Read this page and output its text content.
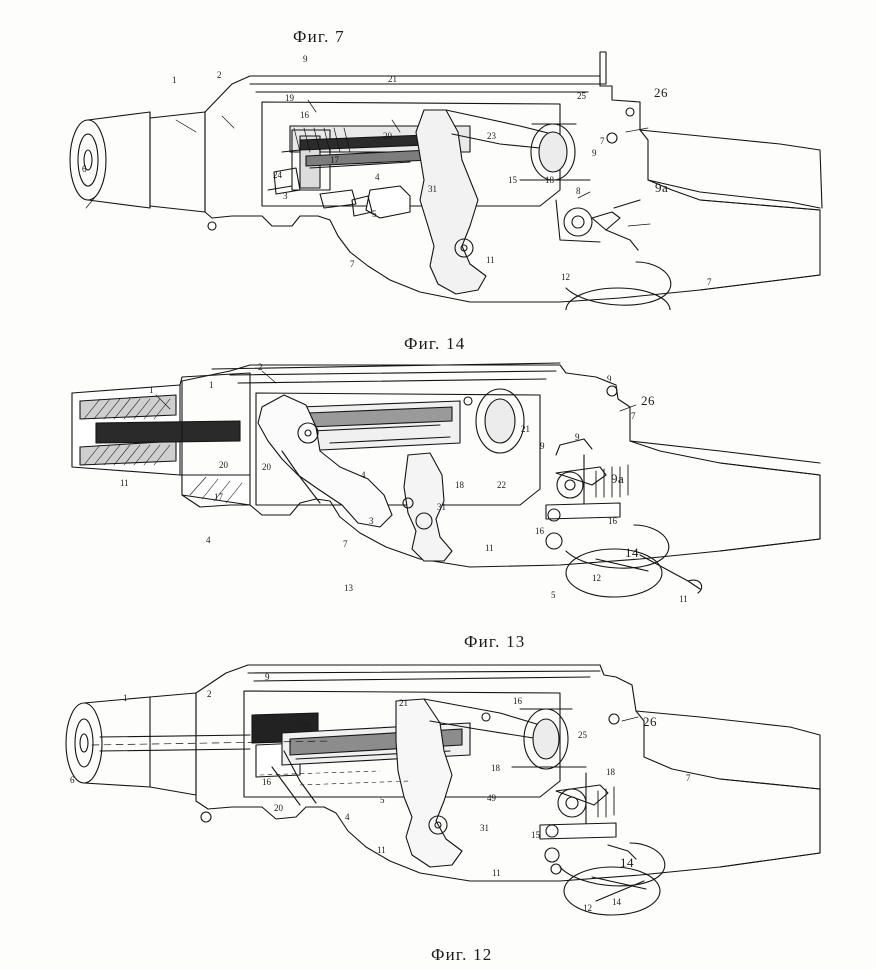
Фиг. 7
Фиг. 14
Фиг. 13
Фиг. 12
1	2
9
21
25	26
19
16
20	23
9
7
9а
24
17
4
31
15	18
8
3
5
7	11
12	7
6
2
1	1
9
26
7
21
9
9
9а
11
20	20
4
18	22
31
17
3
16
16
4	7	11	14
12
5
13
11
1	2
9
21	16
26
19
25
18	18
7
16
20
4
5	49
31
15
14
11
11
12
14
6
